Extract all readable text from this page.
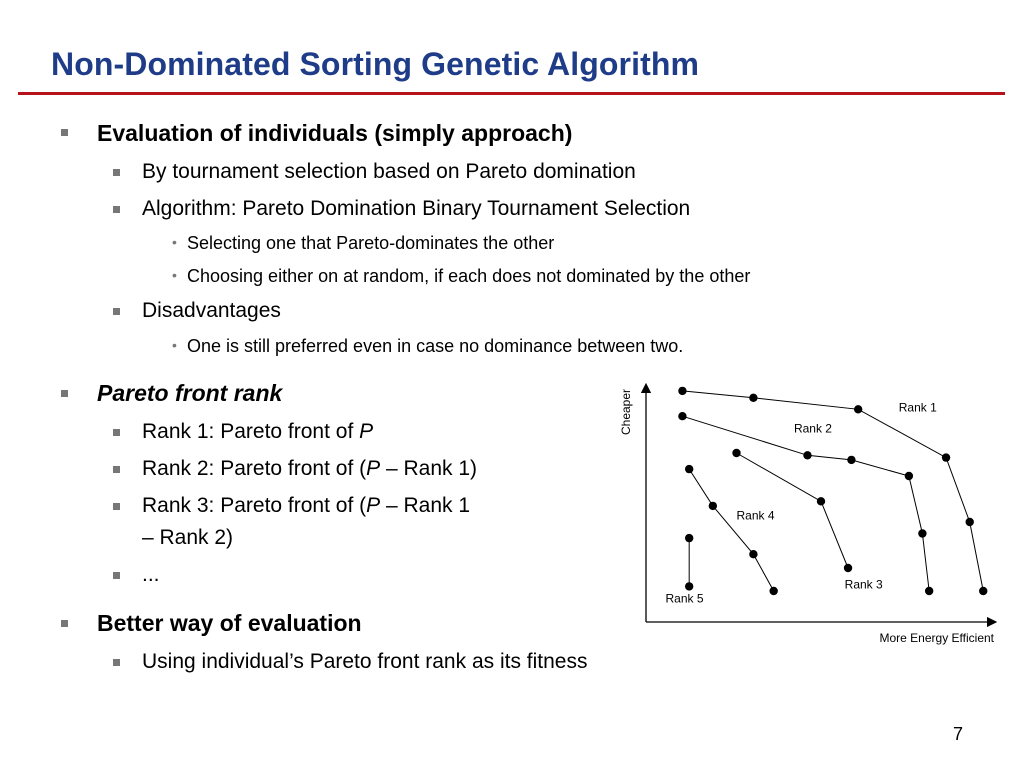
Non-Dominated Sorting Genetic Algorithm
Evaluation of individuals (simply approach)
By tournament selection based on Pareto domination
Algorithm: Pareto Domination Binary Tournament Selection
• Selecting one that Pareto-dominates the other
• Choosing either on at random, if each does not dominated by the other
Disadvantages
• One is still preferred even in case no dominance between two.
Pareto front rank
Rank 1: Pareto front of P
Rank 2: Pareto front of (P – Rank 1)
Rank 3: Pareto front of (P – Rank 1
– Rank 2)
...
Better way of evaluation
Using individual’s Pareto front rank as its fitness
Cheaper
More Energy Efficient
Rank 1
Rank 2
Rank 3
Rank 4
Rank 5
7
